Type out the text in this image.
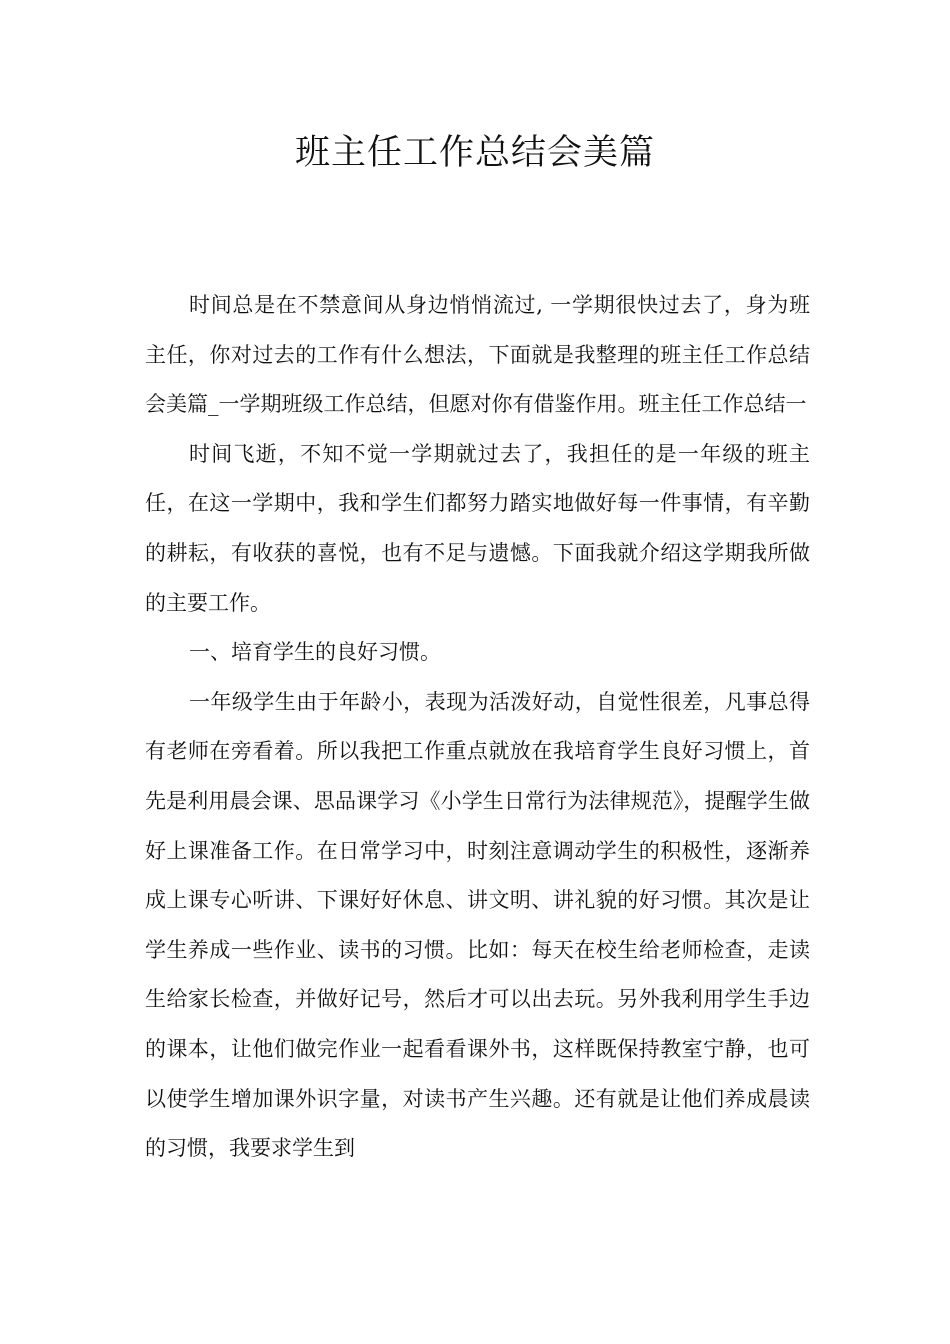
班主任工作总结会美篇

时间总是在不禁意间从身边悄悄流过, 一学期很快过去了，身为班主任，你对过去的工作有什么想法，下面就是我整理的班主任工作总结会美篇_一学期班级工作总结，但愿对你有借鉴作用。班主任工作总结一

时间飞逝，不知不觉一学期就过去了，我担任的是一年级的班主任，在这一学期中，我和学生们都努力踏实地做好每一件事情，有辛勤的耕耘，有收获的喜悦，也有不足与遗憾。下面我就介绍这学期我所做的主要工作。

一、培育学生的良好习惯。

一年级学生由于年龄小，表现为活泼好动，自觉性很差，凡事总得有老师在旁看着。所以我把工作重点就放在我培育学生良好习惯上，首先是利用晨会课、思品课学习《小学生日常行为法律规范》，提醒学生做好上课准备工作。在日常学习中，时刻注意调动学生的积极性，逐渐养成上课专心听讲、下课好好休息、讲文明、讲礼貌的好习惯。其次是让学生养成一些作业、读书的习惯。比如：每天在校生给老师检查，走读生给家长检查，并做好记号，然后才可以出去玩。另外我利用学生手边的课本，让他们做完作业一起看看课外书，这样既保持教室宁静，也可以使学生增加课外识字量，对读书产生兴趣。还有就是让他们养成晨读的习惯，我要求学生到
